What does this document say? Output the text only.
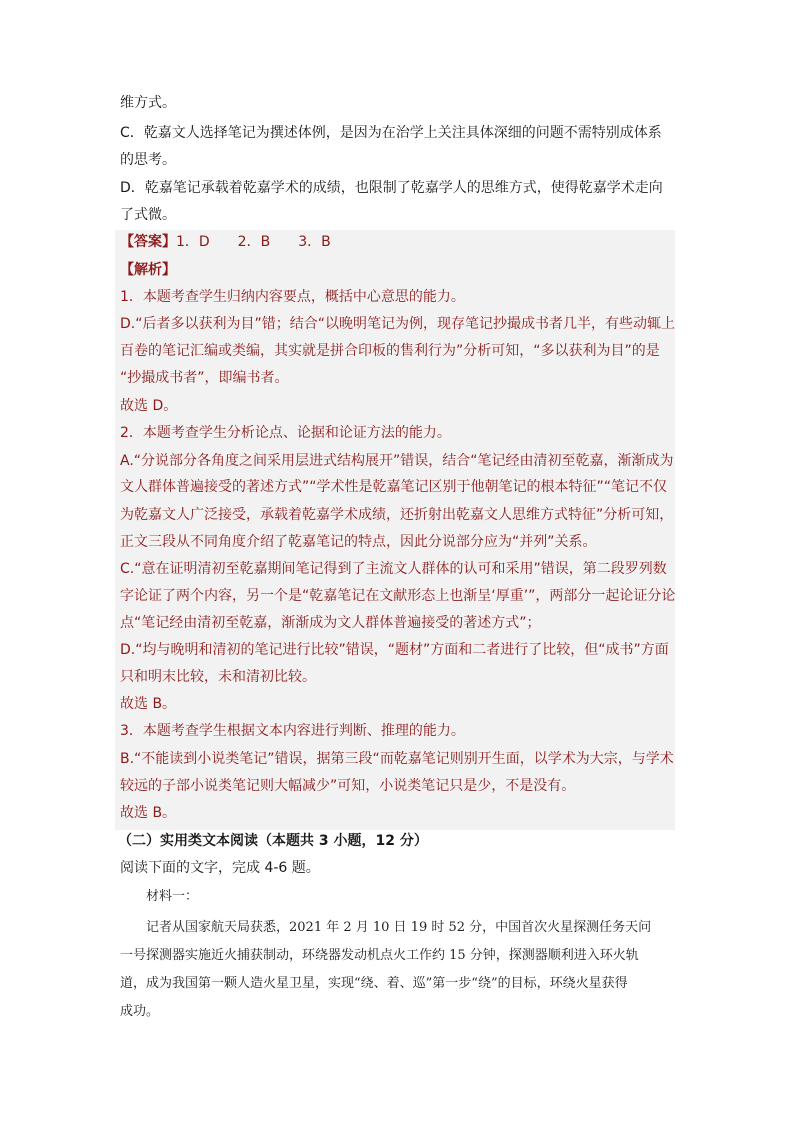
维方式。
C．乾嘉文人选择笔记为撰述体例，是因为在治学上关注具体深细的问题不需特别成体系
的思考。
D．乾嘉笔记承载着乾嘉学术的成绩，也限制了乾嘉学人的思维方式，使得乾嘉学术走向
了式微。
【答案】1．D　　2．B　　3．B
【解析】
1．本题考查学生归纳内容要点，概括中心意思的能力。
D.“后者多以获利为目”错；结合“以晚明笔记为例，现存笔记抄撮成书者几半，有些动辄上
百卷的笔记汇编或类编，其实就是拼合印板的售利行为”分析可知，“多以获利为目”的是
“抄撮成书者”，即编书者。
故选 D。
2．本题考查学生分析论点、论据和论证方法的能力。
A.“分说部分各角度之间采用层进式结构展开”错误，结合“笔记经由清初至乾嘉，渐渐成为
文人群体普遍接受的著述方式”“学术性是乾嘉笔记区别于他朝笔记的根本特征”“笔记不仅
为乾嘉文人广泛接受，承载着乾嘉学术成绩，还折射出乾嘉文人思维方式特征”分析可知，
正文三段从不同角度介绍了乾嘉笔记的特点，因此分说部分应为“并列”关系。
C.“意在证明清初至乾嘉期间笔记得到了主流文人群体的认可和采用”错误，第二段罗列数
字论证了两个内容，另一个是“乾嘉笔记在文献形态上也渐呈‘厚重’”，两部分一起论证分论
点“笔记经由清初至乾嘉，渐渐成为文人群体普遍接受的著述方式”；
D.“均与晚明和清初的笔记进行比较”错误，“题材”方面和二者进行了比较，但“成书”方面
只和明末比较，未和清初比较。
故选 B。
3．本题考查学生根据文本内容进行判断、推理的能力。
B.“不能读到小说类笔记”错误，据第三段“而乾嘉笔记则别开生面，以学术为大宗，与学术
较远的子部小说类笔记则大幅减少”可知，小说类笔记只是少，不是没有。
故选 B。
（二）实用类文本阅读（本题共 3 小题，12 分）
阅读下面的文字，完成 4-6 题。
材料一：
记者从国家航天局获悉，2021 年 2 月 10 日 19 时 52 分，中国首次火星探测任务天问
一号探测器实施近火捕获制动，环绕器发动机点火工作约 15 分钟，探测器顺利进入环火轨
道，成为我国第一颗人造火星卫星，实现“绕、着、巡”第一步“绕”的目标，环绕火星获得
成功。
